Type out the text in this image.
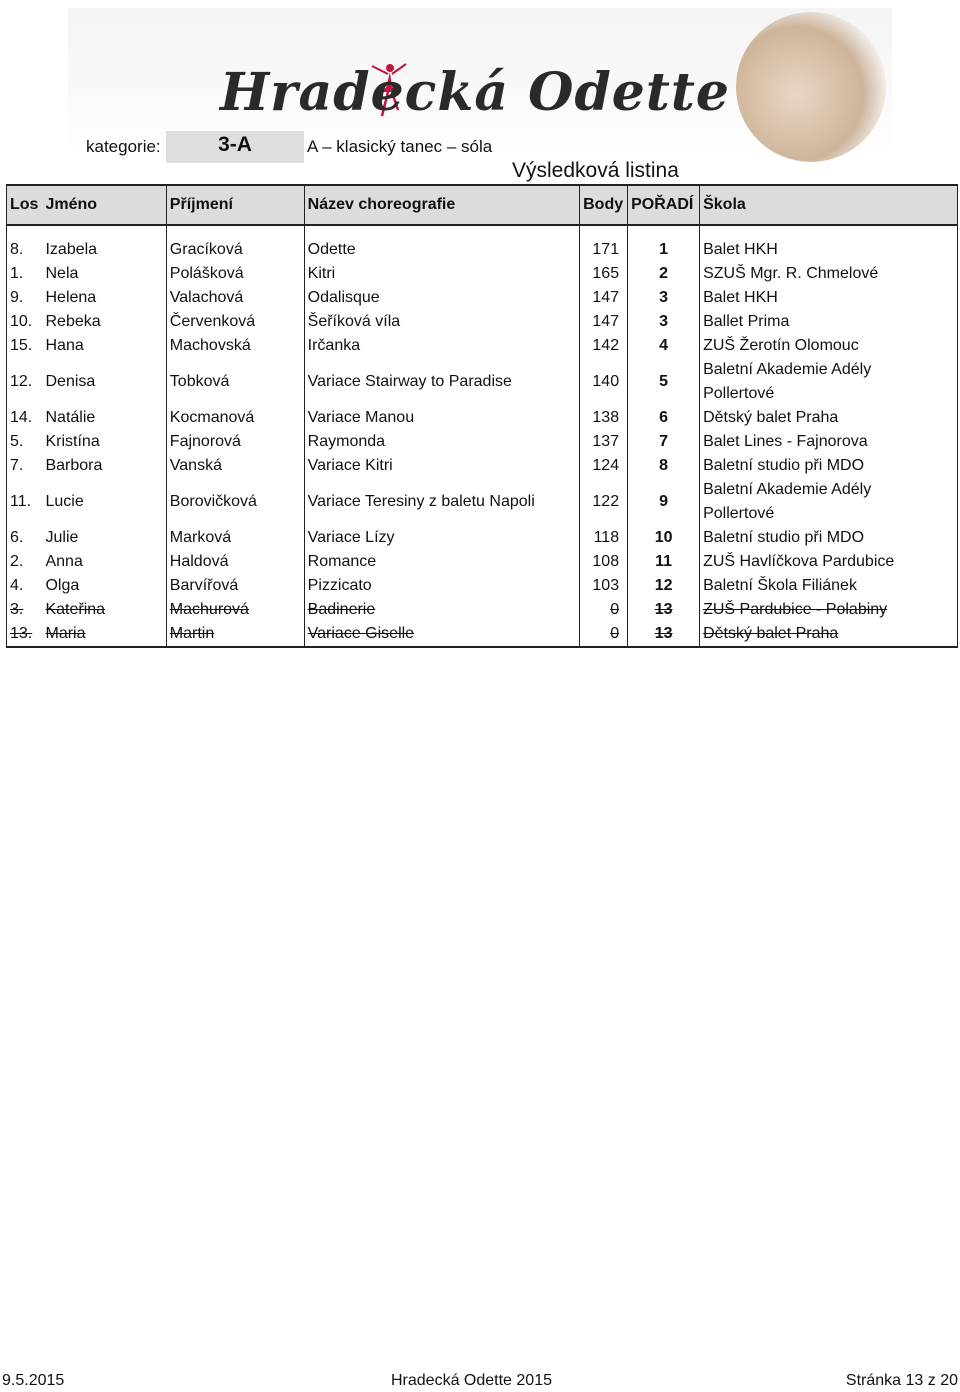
Hradecká Odette
kategorie:	3-A	A – klasický tanec – sóla
Výsledková listina
Los	Jméno	Příjmení	Název choreografie	Body	POŘADÍ	Škola

8.	Izabela	Gracíková	Odette	171	1	Balet HKH
1.	Nela	Polášková	Kitri	165	2	SZUŠ Mgr. R. Chmelové
9.	Helena	Valachová	Odalisque	147	3	Balet HKH
10.	Rebeka	Červenková	Šeříková víla	147	3	Ballet Prima
15.	Hana	Machovská	Irčanka	142	4	ZUŠ Žerotín Olomouc
12.	Denisa	Tobková	Variace Stairway to Paradise	140	5	Baletní Akademie Adély Pollertové
14.	Natálie	Kocmanová	Variace Manou	138	6	Dětský balet Praha
5.	Kristína	Fajnorová	Raymonda	137	7	Balet Lines - Fajnorova
7.	Barbora	Vanská	Variace Kitri	124	8	Baletní studio při MDO
11.	Lucie	Borovičková	Variace Teresiny z baletu Napoli	122	9	Baletní Akademie Adély Pollertové
6.	Julie	Marková	Variace Lízy	118	10	Baletní studio při MDO
2.	Anna	Haldová	Romance	108	11	ZUŠ Havlíčkova Pardubice
4.	Olga	Barvířová	Pizzicato	103	12	Baletní Škola Filiánek
3.	Kateřina	Machurová	Badinerie	0	13	ZUŠ Pardubice - Polabiny
13.	Maria	Martin	Variace Giselle	0	13	Dětský balet Praha
9.5.2015	Hradecká Odette 2015	Stránka 13 z 20
